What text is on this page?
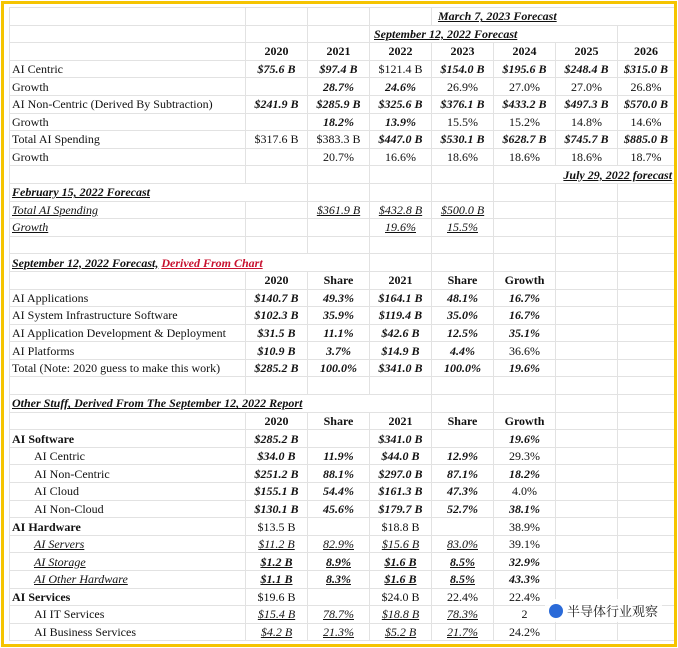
				March 7, 2023 Forecast			
			September 12, 2022 Forecast				
	2020	2021	2022	2023	2024	2025	2026
AI Centric	$75.6 B	$97.4 B	$121.4 B	$154.0 B	$195.6 B	$248.4 B	$315.0 B
Growth		28.7%	24.6%	26.9%	27.0%	27.0%	26.8%
AI Non-Centric (Derived By Subtraction)	$241.9 B	$285.9 B	$325.6 B	$376.1 B	$433.2 B	$497.3 B	$570.0 B
Growth		18.2%	13.9%	15.5%	15.2%	14.8%	14.6%
Total AI Spending	$317.6 B	$383.3 B	$447.0 B	$530.1 B	$628.7 B	$745.7 B	$885.0 B
Growth		20.7%	16.6%	18.6%	18.6%	18.6%	18.7%
					July 29, 2022 forecast		
February 15, 2022 Forecast							
Total AI Spending		$361.9 B	$432.8 B	$500.0 B			
Growth			19.6%	15.5%			

September 12, 2022 Forecast, Derived From Chart							
	2020	Share	2021	Share	Growth		
AI Applications	$140.7 B	49.3%	$164.1 B	48.1%	16.7%		
AI System Infrastructure Software	$102.3 B	35.9%	$119.4 B	35.0%	16.7%		
AI Application Development & Deployment	$31.5 B	11.1%	$42.6 B	12.5%	35.1%		
AI Platforms	$10.9 B	3.7%	$14.9 B	4.4%	36.6%		
Total (Note: 2020 guess to make this work)	$285.2 B	100.0%	$341.0 B	100.0%	19.6%		

Other Stuff, Derived From The September 12, 2022 Report							
	2020	Share	2021	Share	Growth		
AI Software	$285.2 B		$341.0 B		19.6%		
AI Centric	$34.0 B	11.9%	$44.0 B	12.9%	29.3%		
AI Non-Centric	$251.2 B	88.1%	$297.0 B	87.1%	18.2%		
AI Cloud	$155.1 B	54.4%	$161.3 B	47.3%	4.0%		
AI Non-Cloud	$130.1 B	45.6%	$179.7 B	52.7%	38.1%		
AI Hardware	$13.5 B		$18.8 B		38.9%		
AI Servers	$11.2 B	82.9%	$15.6 B	83.0%	39.1%		
AI Storage	$1.2 B	8.9%	$1.6 B	8.5%	32.9%		
AI Other Hardware	$1.1 B	8.3%	$1.6 B	8.5%	43.3%		
AI Services	$19.6 B		$24.0 B	22.4%	22.4%		
AI IT Services	$15.4 B	78.7%	$18.8 B	78.3%	2		
AI Business Services	$4.2 B	21.3%	$5.2 B	21.7%	24.2%		
半导体行业观察
